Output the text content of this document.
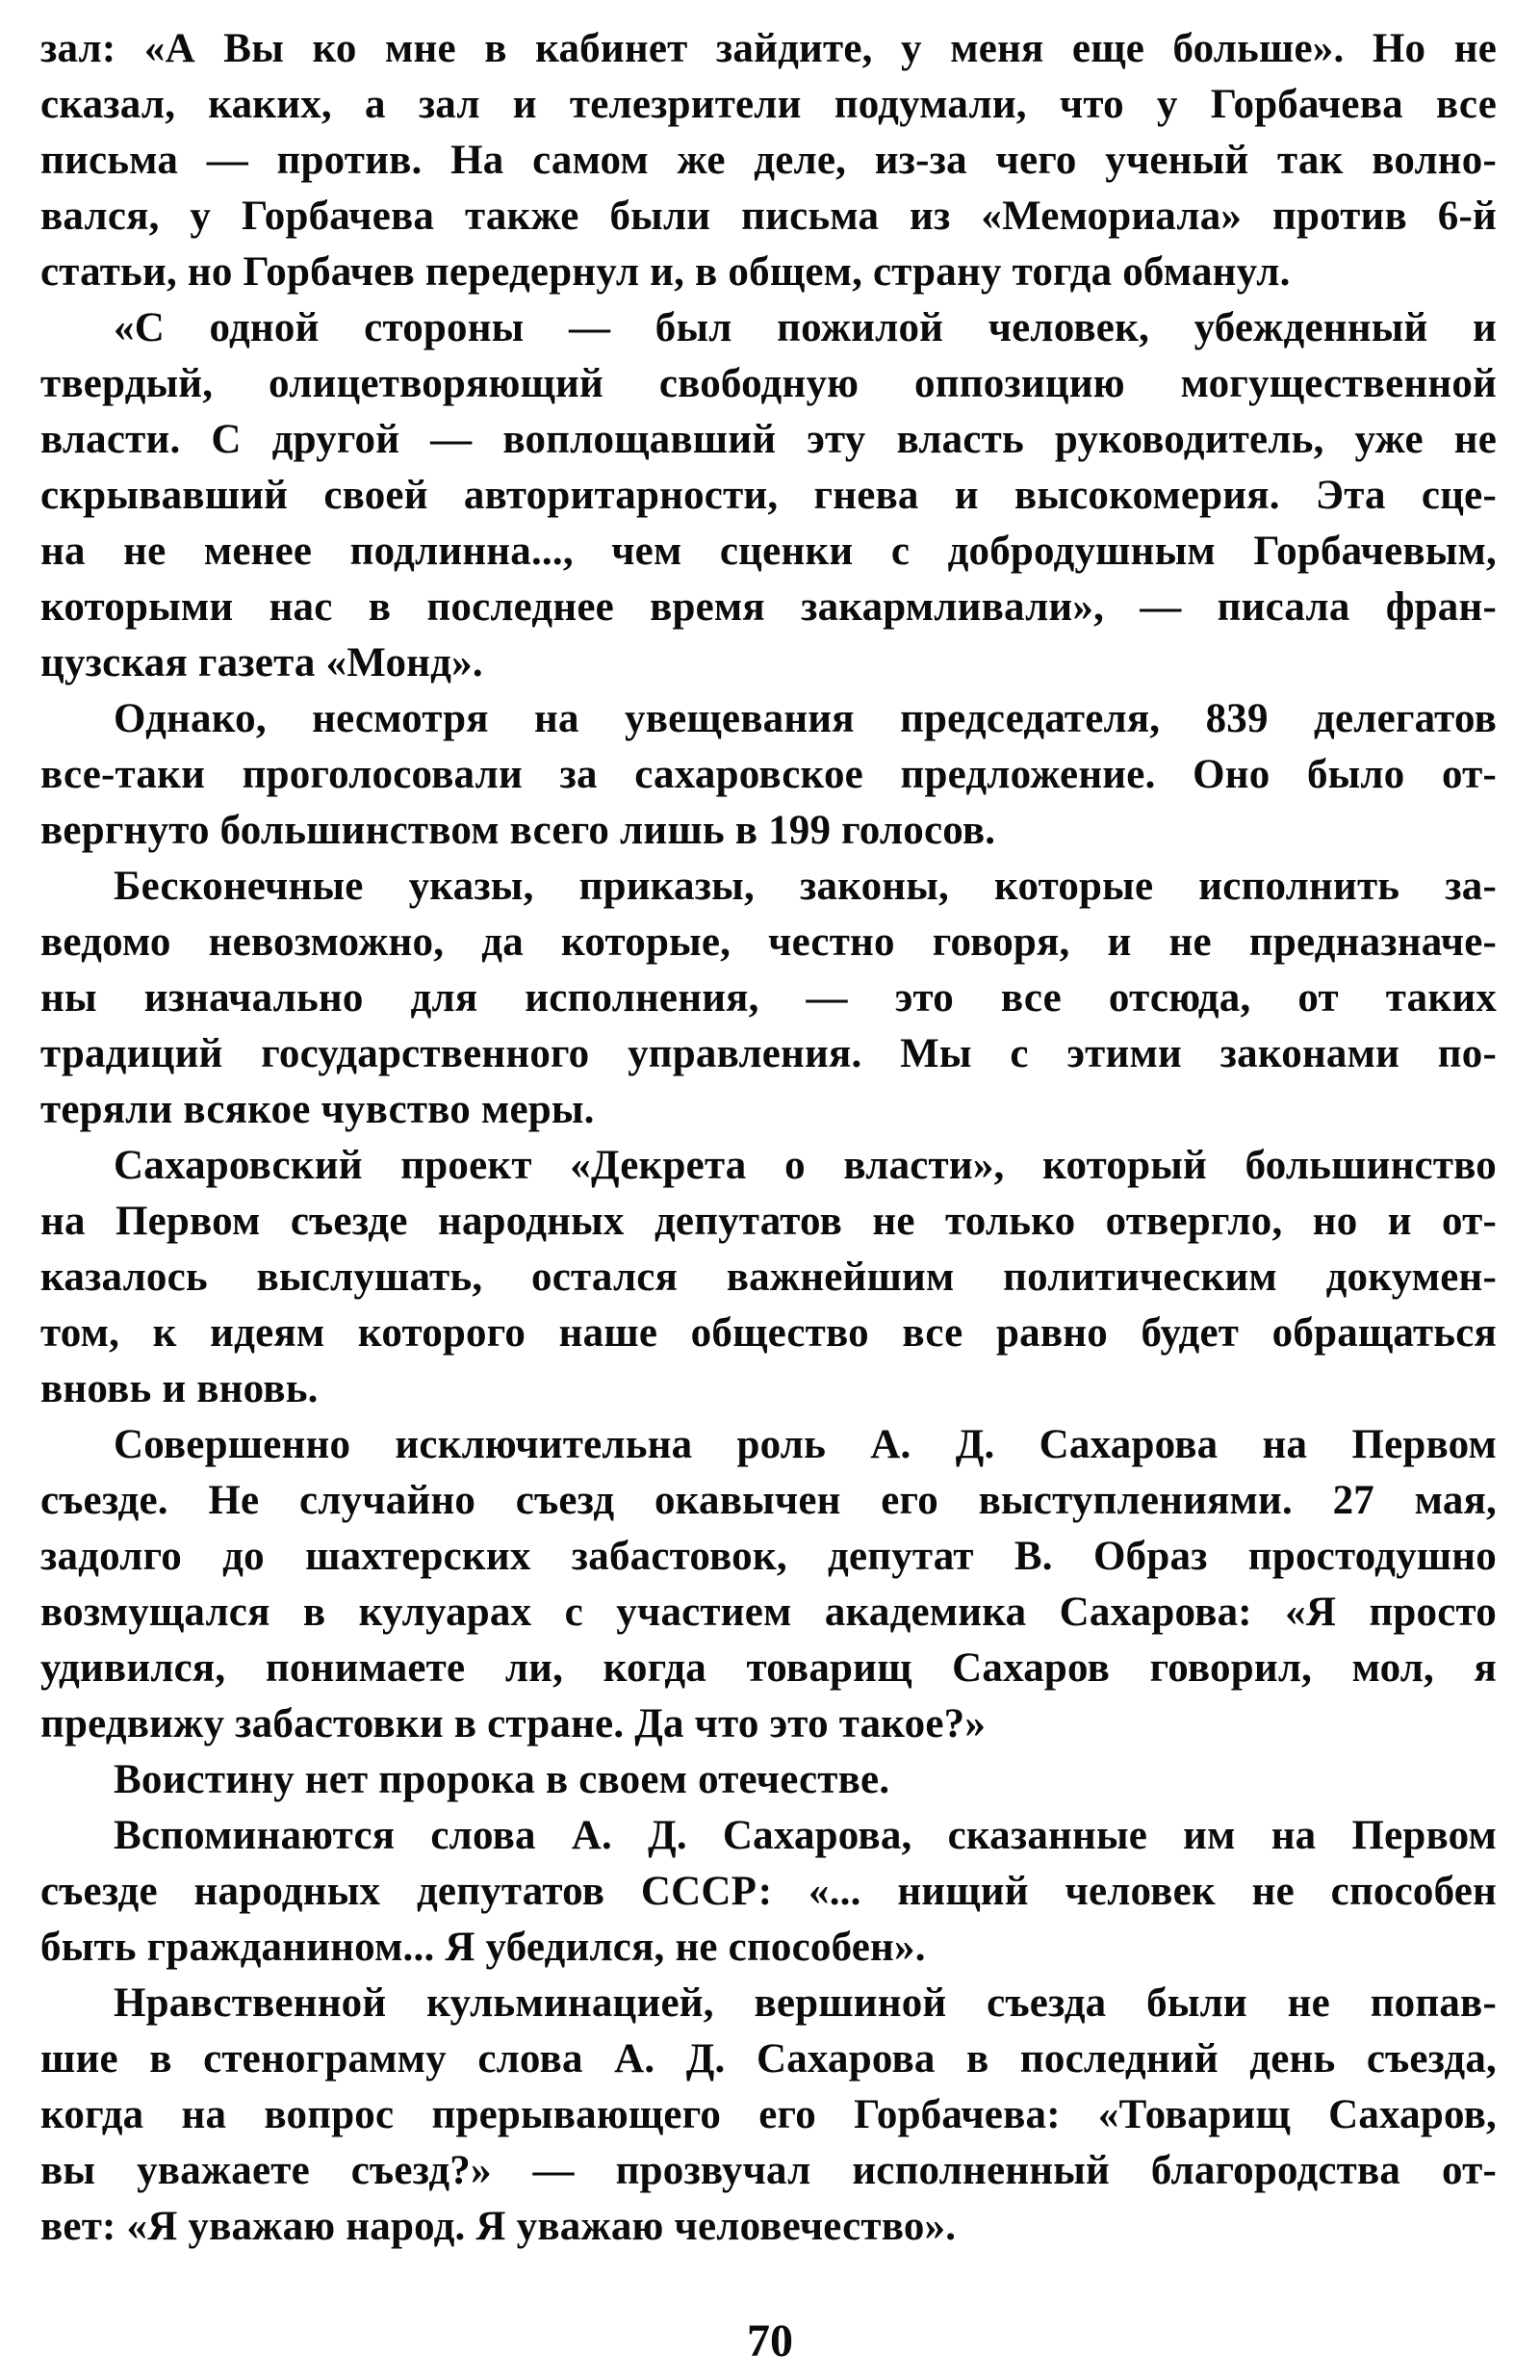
зал: «А Вы ко мне в кабинет зайдите, у меня еще больше». Но не
сказал, каких, а зал и телезрители подумали, что у Горбачева все
письма — против. На самом же деле, из-за чего ученый так волно-
вался, у Горбачева также были письма из «Мемориала» против 6-й
статьи, но Горбачев передернул и, в общем, страну тогда обманул.
«С одной стороны — был пожилой человек, убежденный и
твердый, олицетворяющий свободную оппозицию могущественной
власти. С другой — воплощавший эту власть руководитель, уже не
скрывавший своей авторитарности, гнева и высокомерия. Эта сце-
на не менее подлинна..., чем сценки с добродушным Горбачевым,
которыми нас в последнее время закармливали», — писала фран-
цузская газета «Монд».
Однако, несмотря на увещевания председателя, 839 делегатов
все-таки проголосовали за сахаровское предложение. Оно было от-
вергнуто большинством всего лишь в 199 голосов.
Бесконечные указы, приказы, законы, которые исполнить за-
ведомо невозможно, да которые, честно говоря, и не предназначе-
ны изначально для исполнения, — это все отсюда, от таких
традиций государственного управления. Мы с этими законами по-
теряли всякое чувство меры.
Сахаровский проект «Декрета о власти», который большинство
на Первом съезде народных депутатов не только отвергло, но и от-
казалось выслушать, остался важнейшим политическим докумен-
том, к идеям которого наше общество все равно будет обращаться
вновь и вновь.
Совершенно исключительна роль А. Д. Сахарова на Первом
съезде. Не случайно съезд окавычен его выступлениями. 27 мая,
задолго до шахтерских забастовок, депутат В. Образ простодушно
возмущался в кулуарах с участием академика Сахарова: «Я просто
удивился, понимаете ли, когда товарищ Сахаров говорил, мол, я
предвижу забастовки в стране. Да что это такое?»
Воистину нет пророка в своем отечестве.
Вспоминаются слова А. Д. Сахарова, сказанные им на Первом
съезде народных депутатов СССР: «... нищий человек не способен
быть гражданином... Я убедился, не способен».
Нравственной кульминацией, вершиной съезда были не попав-
шие в стенограмму слова А. Д. Сахарова в последний день съезда,
когда на вопрос прерывающего его Горбачева: «Товарищ Сахаров,
вы уважаете съезд?» — прозвучал исполненный благородства от-
вет: «Я уважаю народ. Я уважаю человечество».
70
